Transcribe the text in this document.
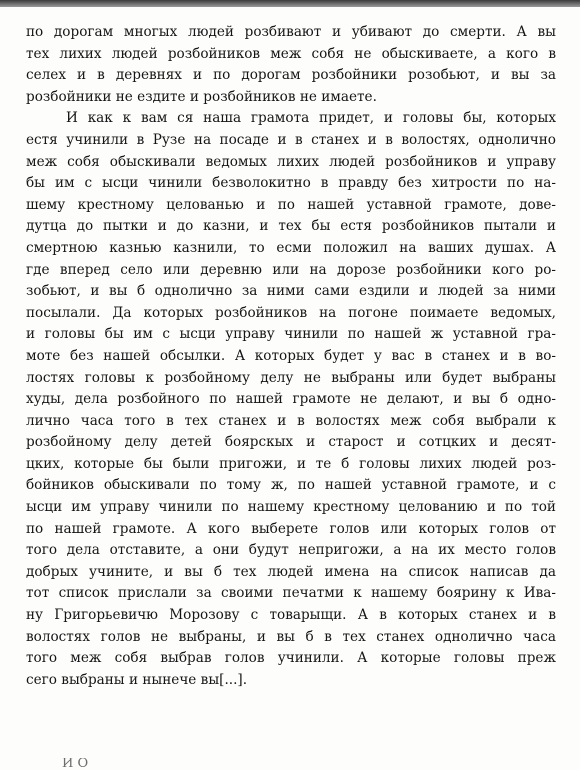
по дорогам многых людей розбивают и убивают до смерти. А вы
тех лихих людей розбойников меж собя не обыскиваете, а кого в
селех и в деревнях и по дорогам розбойники розобьют, и вы за
розбойники не ездите и розбойников не имаете.
И как к вам ся наша грамота придет, и головы бы, которых
естя учинили в Рузе на посаде и в станех и в волостях, однолично
меж собя обыскивали ведомых лихих людей розбойников и управу
бы им с ысци чинили безволокитно в правду без хитрости по на-
шему крестному целованью и по нашей уставной грамоте, дове-
дутца до пытки и до казни, и тех бы естя розбойников пытали и
смертною казнью казнили, то есми положил на ваших душах. А
где вперед село или деревню или на дорозе розбойники кого ро-
зобьют, и вы б однолично за ними сами ездили и людей за ними
посылали. Да которых розбойников на погоне поимаете ведомых,
и головы бы им с ысци управу чинили по нашей ж уставной гра-
моте без нашей обсылки. А которых будет у вас в станех и в во-
лостях головы к розбойному делу не выбраны или будет выбраны
худы, дела розбойного по нашей грамоте не делают, и вы б одно-
лично часа того в тех станех и в волостях меж собя выбрали к
розбойному делу детей боярскых и старост и сотцких и десят-
цких, которые бы были пригожи, и те б головы лихих людей роз-
бойников обыскивали по тому ж, по нашей уставной грамоте, и с
ысци им управу чинили по нашему крестному целованию и по той
по нашей грамоте. А кого выберете голов или которых голов от
того дела отставите, а они будут непригожи, а на их место голов
добрых учините, и вы б тех людей имена на список написав да
тот список прислали за своими печатми к нашему боярину к Ива-
ну Григорьевичю Морозову с товарыщи. А в которых станех и в
волостях голов не выбраны, и вы б в тех станех однолично часа
того меж собя выбрав голов учинили. А которые головы преж
сего выбраны и нынече вы[...].
И О
